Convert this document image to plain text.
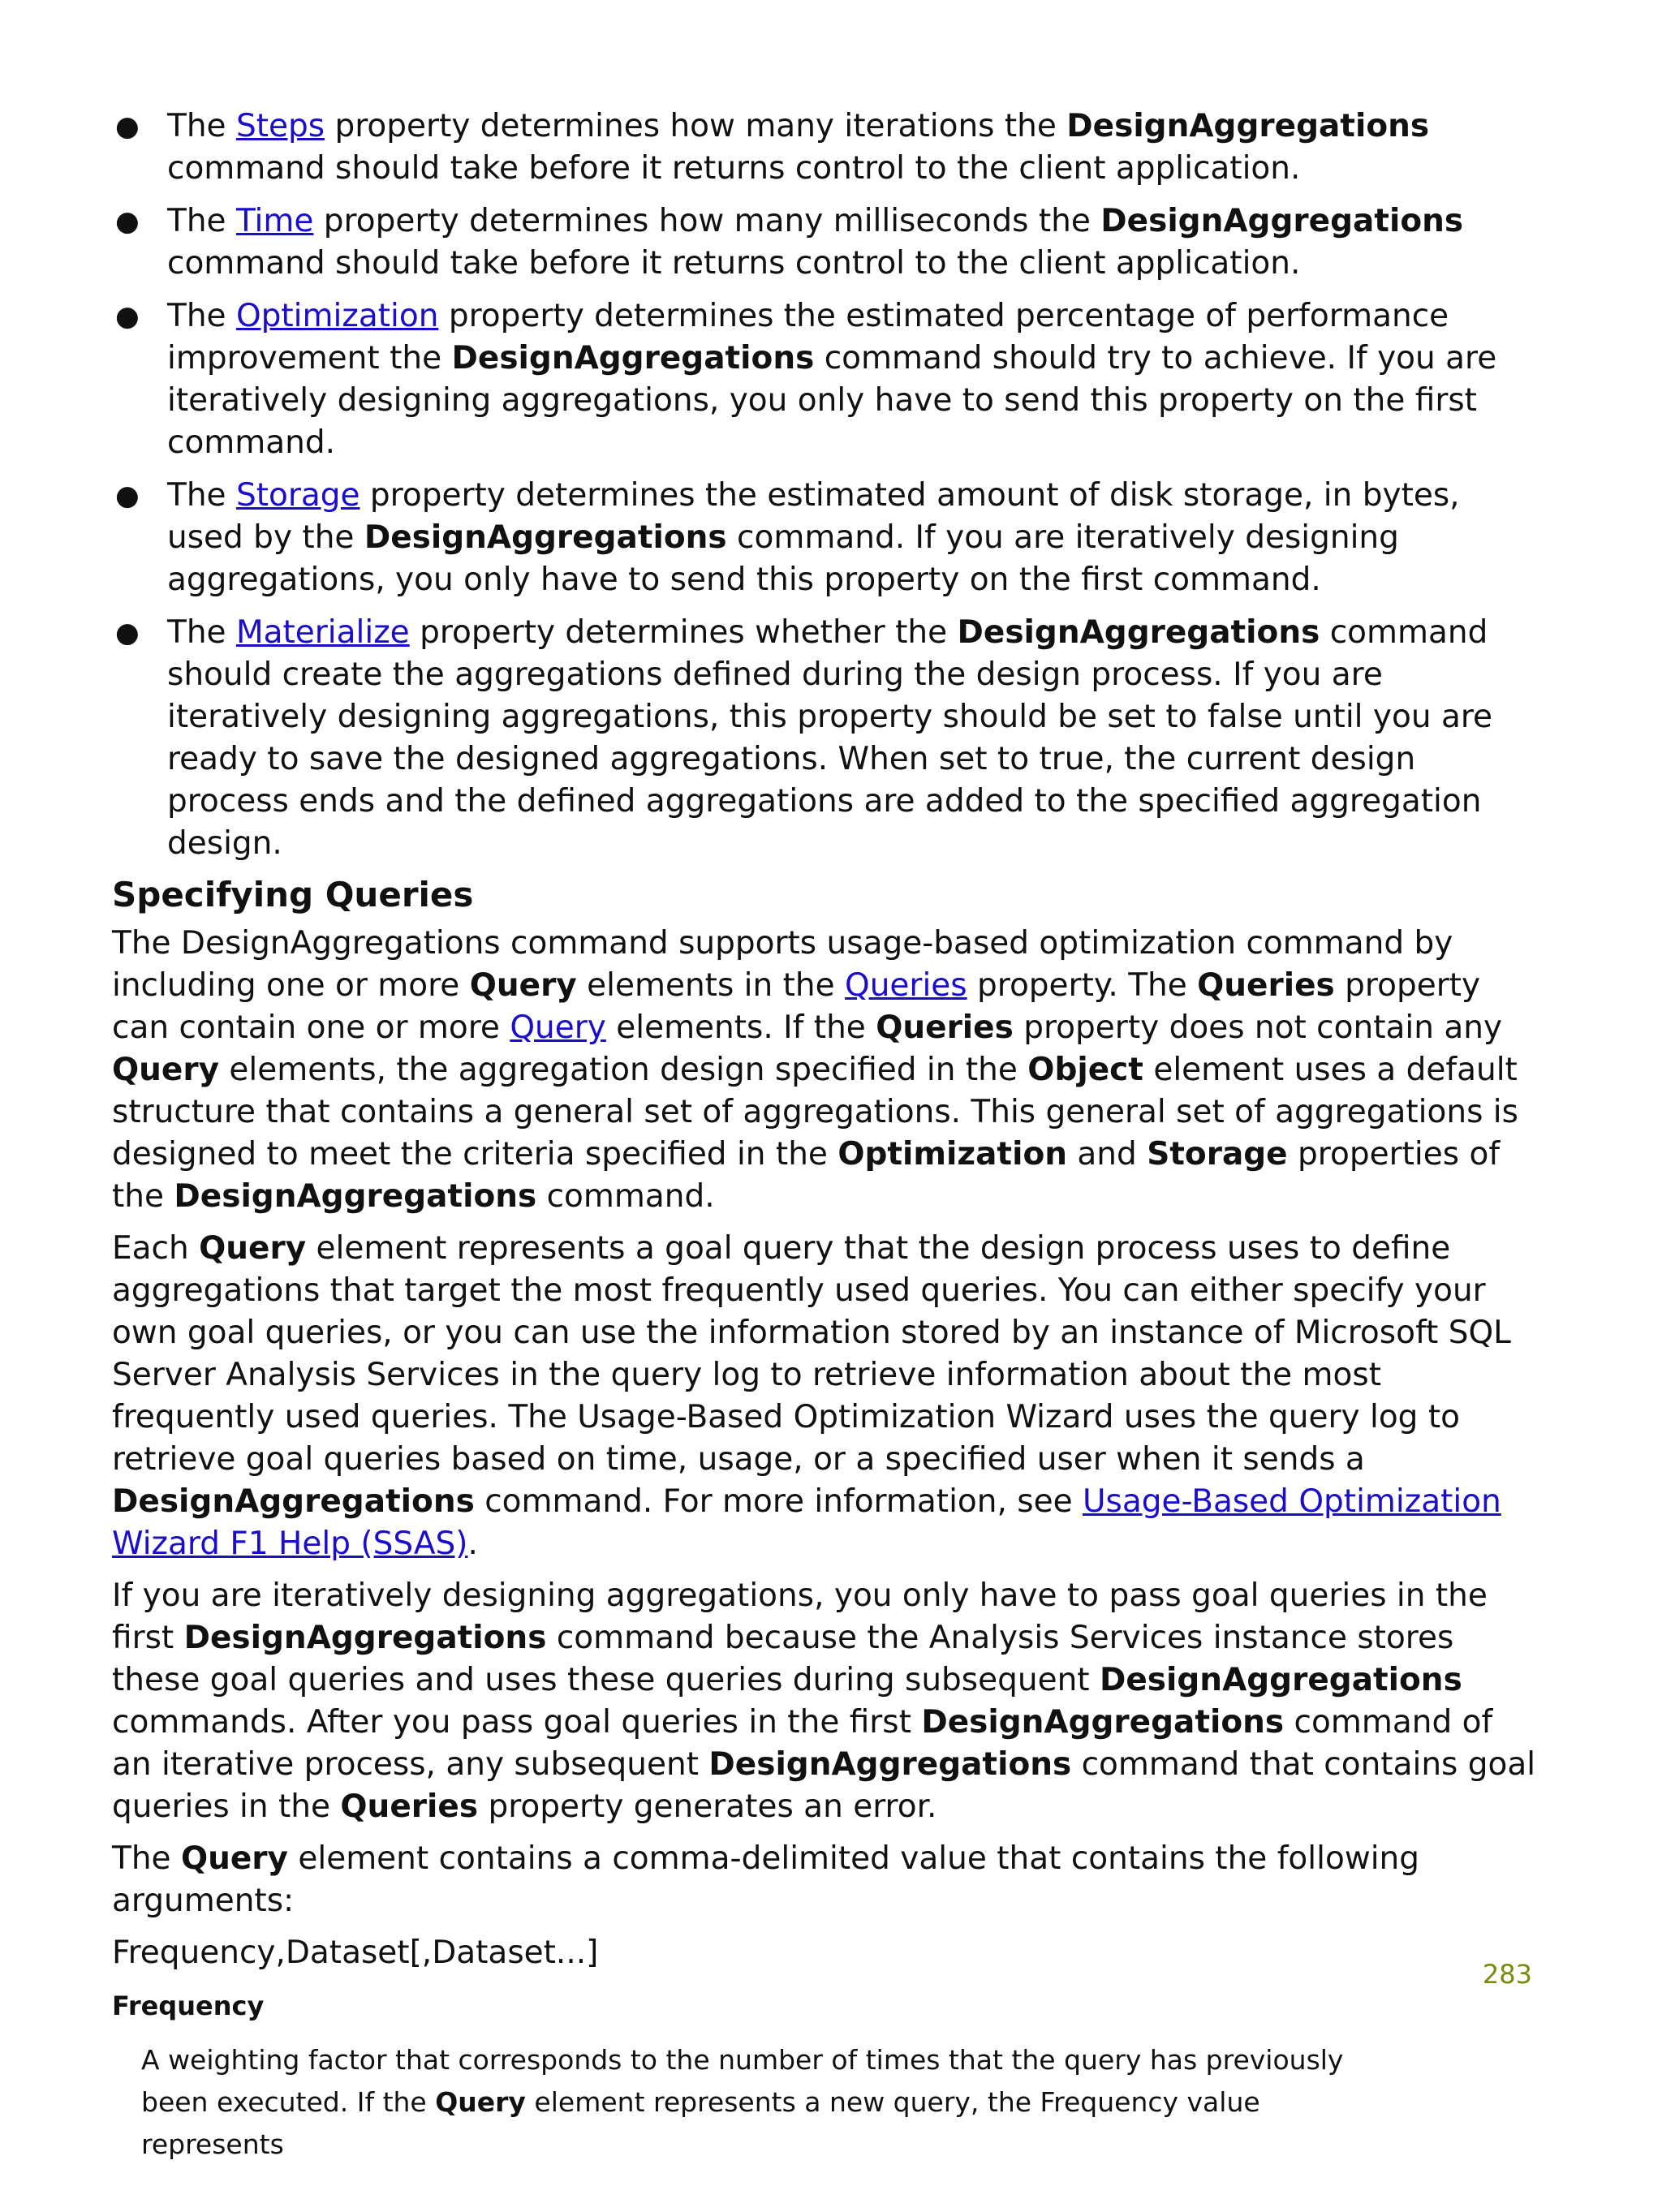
● The Steps property determines how many iterations the DesignAggregations command should take before it returns control to the client application.
● The Time property determines how many milliseconds the DesignAggregations command should take before it returns control to the client application.
● The Optimization property determines the estimated percentage of performance improvement the DesignAggregations command should try to achieve. If you are iteratively designing aggregations, you only have to send this property on the first command.
● The Storage property determines the estimated amount of disk storage, in bytes, used by the DesignAggregations command. If you are iteratively designing aggregations, you only have to send this property on the first command.
● The Materialize property determines whether the DesignAggregations command should create the aggregations defined during the design process. If you are iteratively designing aggregations, this property should be set to false until you are ready to save the designed aggregations. When set to true, the current design process ends and the defined aggregations are added to the specified aggregation design.
Specifying Queries

The DesignAggregations command supports usage-based optimization command by including one or more Query elements in the Queries property. The Queries property can contain one or more Query elements. If the Queries property does not contain any Query elements, the aggregation design specified in the Object element uses a default structure that contains a general set of aggregations. This general set of aggregations is designed to meet the criteria specified in the Optimization and Storage properties of the DesignAggregations command.

Each Query element represents a goal query that the design process uses to define aggregations that target the most frequently used queries. You can either specify your own goal queries, or you can use the information stored by an instance of Microsoft SQL Server Analysis Services in the query log to retrieve information about the most frequently used queries. The Usage-Based Optimization Wizard uses the query log to retrieve goal queries based on time, usage, or a specified user when it sends a DesignAggregations command. For more information, see Usage-Based Optimization Wizard F1 Help (SSAS).

If you are iteratively designing aggregations, you only have to pass goal queries in the first DesignAggregations command because the Analysis Services instance stores these goal queries and uses these queries during subsequent DesignAggregations commands. After you pass goal queries in the first DesignAggregations command of an iterative process, any subsequent DesignAggregations command that contains goal queries in the Queries property generates an error.

The Query element contains a comma-delimited value that contains the following arguments:

Frequency,Dataset[,Dataset...]

Frequency
A weighting factor that corresponds to the number of times that the query has previously been executed. If the Query element represents a new query, the Frequency value represents
283
